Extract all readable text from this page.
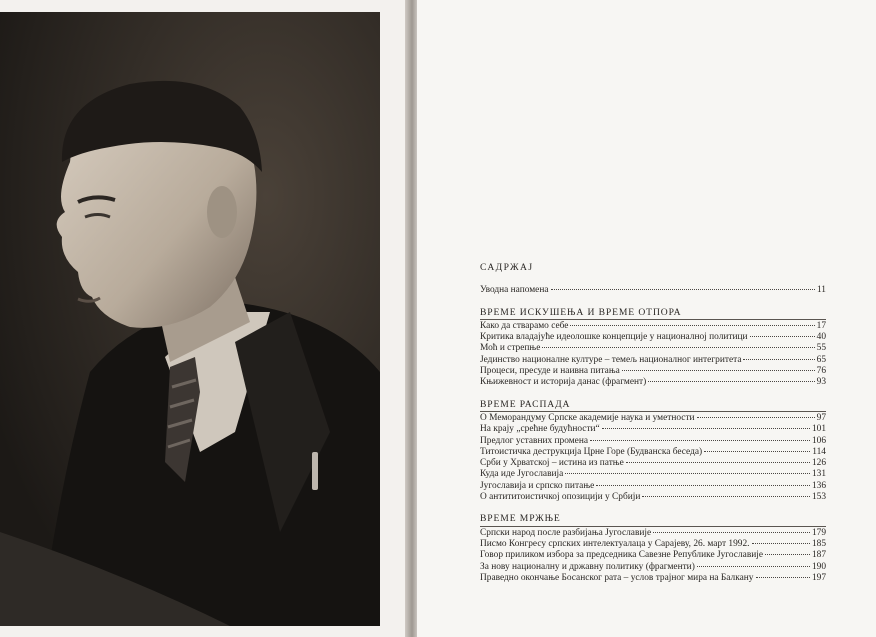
САДРЖАЈ
Уводна напомена	11
ВРЕМЕ ИСКУШЕЊА И ВРЕМЕ ОТПОРА
Како да стварамо себе	17
Критика владајуће идеолошке концепције у националној политици	40
Моћ и стрепње	55
Јединство националне културе – темељ националног интегритета	65
Процеси, пресуде и наивна питања	76
Књижевност и историја данас (фрагмент)	93
ВРЕМЕ РАСПАДА
О Меморандуму Српске академије наука и уметности	97
На крају „срећне будућности“	101
Предлог уставних промена	106
Титоистичка деструкција Црне Горе (Будванска беседа)	114
Срби у Хрватској – истина из патње	126
Куда иде Југославија	131
Југославија и српско питање	136
О антититоистичкој опозицији у Србији	153
ВРЕМЕ МРЖЊЕ
Српски народ после разбијања Југославије	179
Писмо Конгресу српских интелектуалаца у Сарајеву, 26. март 1992.	185
Говор приликом избора за председника Савезне Републике Југославије	187
За нову националну и државну политику (фрагменти)	190
Праведно окончање Босанског рата – услов трајног мира на Балкану	197
